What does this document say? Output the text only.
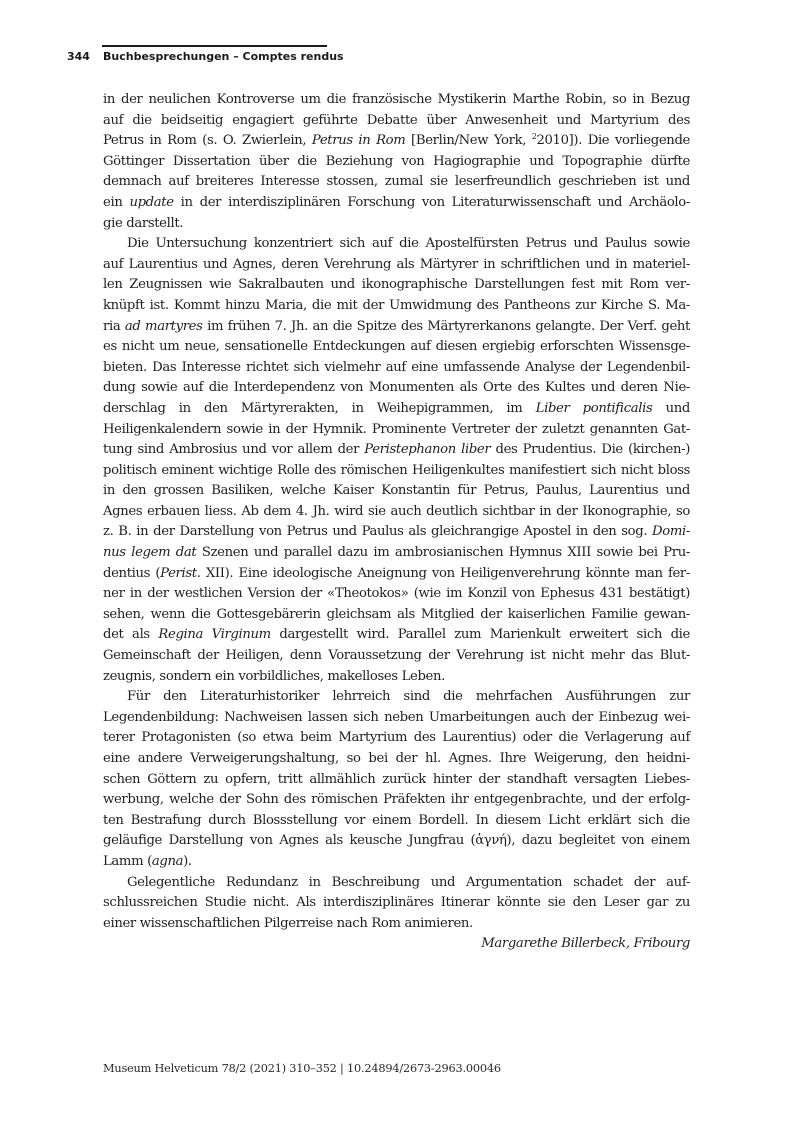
344 Buchbesprechungen – Comptes rendus
in der neulichen Kontroverse um die französische Mystikerin Marthe Robin, so in Bezug
auf die beidseitig engagiert geführte Debatte über Anwesenheit und Martyrium des
Petrus in Rom (s. O. Zwierlein, Petrus in Rom [Berlin/New York, $^2$2010]). Die vorliegende
Göttinger Dissertation über die Beziehung von Hagiographie und Topographie dürfte
demnach auf breiteres Interesse stossen, zumal sie leserfreundlich geschrieben ist und
ein update in der interdisziplinären Forschung von Literaturwissenschaft und Archäolo-
gie darstellt.
Die Untersuchung konzentriert sich auf die Apostelfürsten Petrus und Paulus sowie
auf Laurentius und Agnes, deren Verehrung als Märtyrer in schriftlichen und in materiel-
len Zeugnissen wie Sakralbauten und ikonographische Darstellungen fest mit Rom ver-
knüpft ist. Kommt hinzu Maria, die mit der Umwidmung des Pantheons zur Kirche S. Ma-
ria ad martyres im frühen 7. Jh. an die Spitze des Märtyrerkanons gelangte. Der Verf. geht
es nicht um neue, sensationelle Entdeckungen auf diesen ergiebig erforschten Wissensge-
bieten. Das Interesse richtet sich vielmehr auf eine umfassende Analyse der Legendenbil-
dung sowie auf die Interdependenz von Monumenten als Orte des Kultes und deren Nie-
derschlag in den Märtyrerakten, in Weihepigrammen, im Liber pontificalis und
Heiligenkalendern sowie in der Hymnik. Prominente Vertreter der zuletzt genannten Gat-
tung sind Ambrosius und vor allem der Peristephanon liber des Prudentius. Die (kirchen-)
politisch eminent wichtige Rolle des römischen Heiligenkultes manifestiert sich nicht bloss
in den grossen Basiliken, welche Kaiser Konstantin für Petrus, Paulus, Laurentius und
Agnes erbauen liess. Ab dem 4. Jh. wird sie auch deutlich sichtbar in der Ikonographie, so
z. B. in der Darstellung von Petrus und Paulus als gleichrangige Apostel in den sog. Domi-
nus legem dat Szenen und parallel dazu im ambrosianischen Hymnus XIII sowie bei Pru-
dentius (Perist. XII). Eine ideologische Aneignung von Heiligenverehrung könnte man fer-
ner in der westlichen Version der «Theotokos» (wie im Konzil von Ephesus 431 bestätigt)
sehen, wenn die Gottesgebärerin gleichsam als Mitglied der kaiserlichen Familie gewan-
det als Regina Virginum dargestellt wird. Parallel zum Marienkult erweitert sich die
Gemeinschaft der Heiligen, denn Voraussetzung der Verehrung ist nicht mehr das Blut-
zeugnis, sondern ein vorbildliches, makelloses Leben.
Für den Literaturhistoriker lehrreich sind die mehrfachen Ausführungen zur
Legendenbildung: Nachweisen lassen sich neben Umarbeitungen auch der Einbezug wei-
terer Protagonisten (so etwa beim Martyrium des Laurentius) oder die Verlagerung auf
eine andere Verweigerungshaltung, so bei der hl. Agnes. Ihre Weigerung, den heidni-
schen Göttern zu opfern, tritt allmählich zurück hinter der standhaft versagten Liebes-
werbung, welche der Sohn des römischen Präfekten ihr entgegenbrachte, und der erfolg-
ten Bestrafung durch Blossstellung vor einem Bordell. In diesem Licht erklärt sich die
geläufige Darstellung von Agnes als keusche Jungfrau (ἁγνή), dazu begleitet von einem
Lamm (agna).
Gelegentliche Redundanz in Beschreibung und Argumentation schadet der auf-
schlussreichen Studie nicht. Als interdisziplinäres Itinerar könnte sie den Leser gar zu
einer wissenschaftlichen Pilgerreise nach Rom animieren.
Margarethe Billerbeck, Fribourg
Museum Helveticum 78/2 (2021) 310–352 | 10.24894/2673-2963.00046
